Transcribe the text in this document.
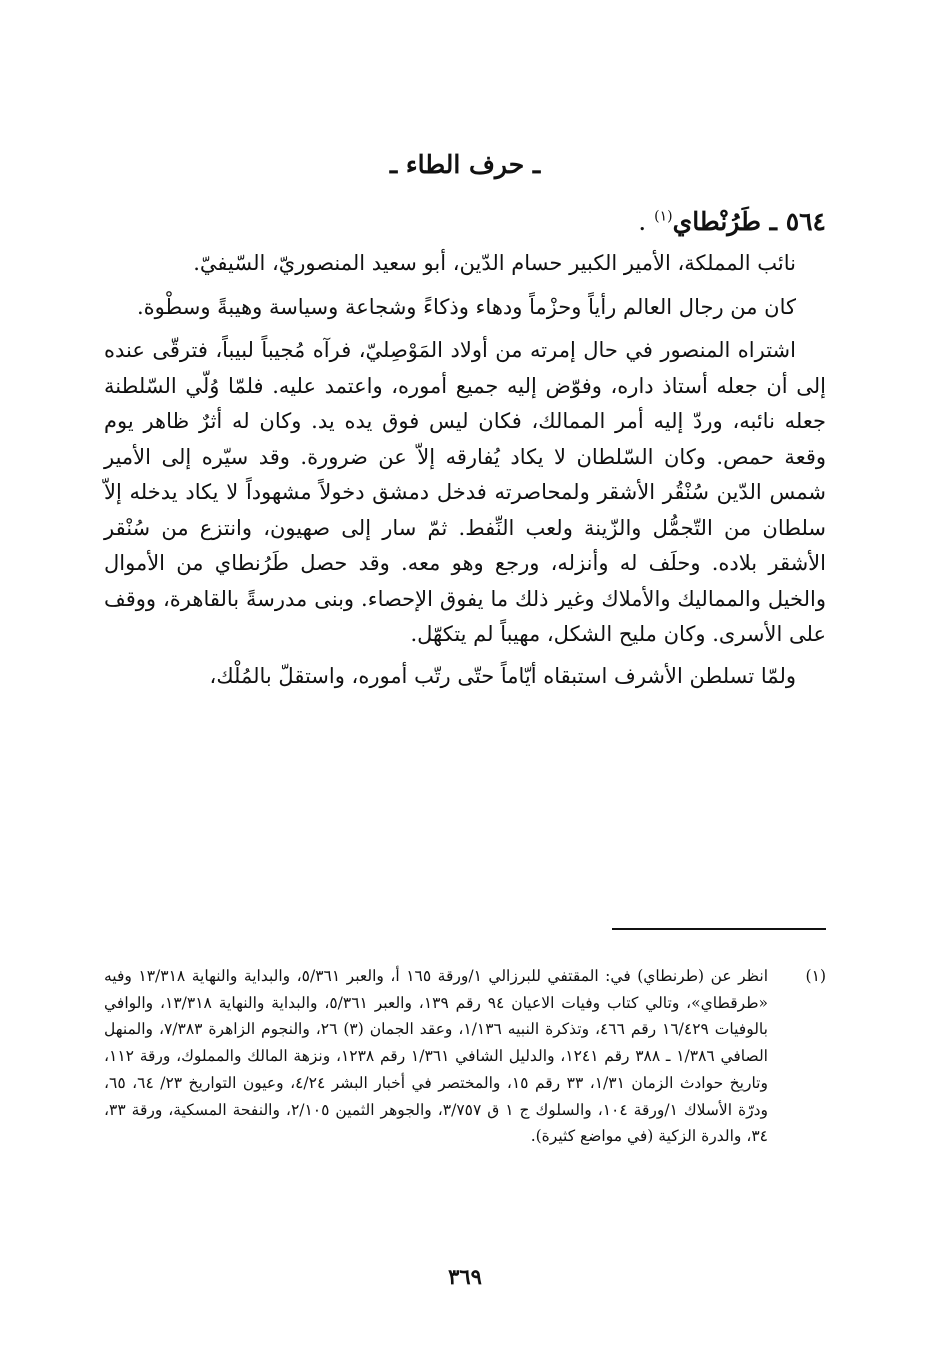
ـ حرف الطاء ـ
٥٦٤ ـ طَرُنْطاي$^{(١)}$ .

نائب المملكة، الأمير الكبير حسام الدّين، أبو سعيد المنصوريّ، السّيفيّ.

كان من رجال العالم رأياً وحزْماً ودهاء وذكاءً وشجاعة وسياسة وهيبةً وسطْوة.

اشتراه المنصور في حال إمرته من أولاد المَوْصِليّ، فرآه مُجيباً لبيباً، فترقّى عنده إلى أن جعله أستاذ داره، وفوّض إليه جميع أموره، واعتمد عليه. فلمّا وُلّي السّلطنة جعله نائبه، وردّ إليه أمر الممالك، فكان ليس فوق يده يد. وكان له أثرٌ ظاهر يوم وقعة حمص. وكان السّلطان لا يكاد يُفارقه إلاّ عن ضرورة. وقد سيّره إلى الأمير شمس الدّين سُنْقُر الأشقر ولمحاصرته فدخل دمشق دخولاً مشهوداً لا يكاد يدخله إلاّ سلطان من التّجمُّل والزّينة ولعب النِّفط. ثمّ سار إلى صهيون، وانتزع من سُنْقر الأشقر بلاده. وحلَف له وأنزله، ورجع وهو معه. وقد حصل طَرُنطاي من الأموال والخيل والمماليك والأملاك وغير ذلك ما يفوق الإحصاء. وبنى مدرسةً بالقاهرة، ووقف على الأسرى. وكان مليح الشكل، مهيباً لم يتكهّل.

ولمّا تسلطن الأشرف استبقاه أيّاماً حتّى رتّب أموره، واستقلّ بالمُلْك،

(١)
انظر عن (طرنطاي) في: المقتفي للبرزالي ١/ورقة ١٦٥ أ، والعبر ٥/٣٦١، والبداية والنهاية ١٣/٣١٨ وفيه «طرقطاي»، وتالي كتاب وفيات الاعيان ٩٤ رقم ١٣٩، والعبر ٥/٣٦١، والبداية والنهاية ١٣/٣١٨، والوافي بالوفيات ١٦/٤٢٩ رقم ٤٦٦، وتذكرة النبيه ١/١٣٦، وعقد الجمان (٣) ٢٦، والنجوم الزاهرة ٧/٣٨٣، والمنهل الصافي ١/٣٨٦ ـ ٣٨٨ رقم ١٢٤١، والدليل الشافي ١/٣٦١ رقم ١٢٣٨، ونزهة المالك والمملوك، ورقة ١١٢، وتاريخ حوادث الزمان ١/٣١، ٣٣ رقم ١٥، والمختصر في أخبار البشر ٤/٢٤، وعيون التواريخ ٢٣/ ٦٤، ٦٥، ودرّة الأسلاك ١/ورقة ١٠٤، والسلوك ج ١ ق ٣/٧٥٧، والجوهر الثمين ٢/١٠٥، والنفحة المسكية، ورقة ٣٣، ٣٤، والدرة الزكية (في مواضع كثيرة).
٣٦٩
